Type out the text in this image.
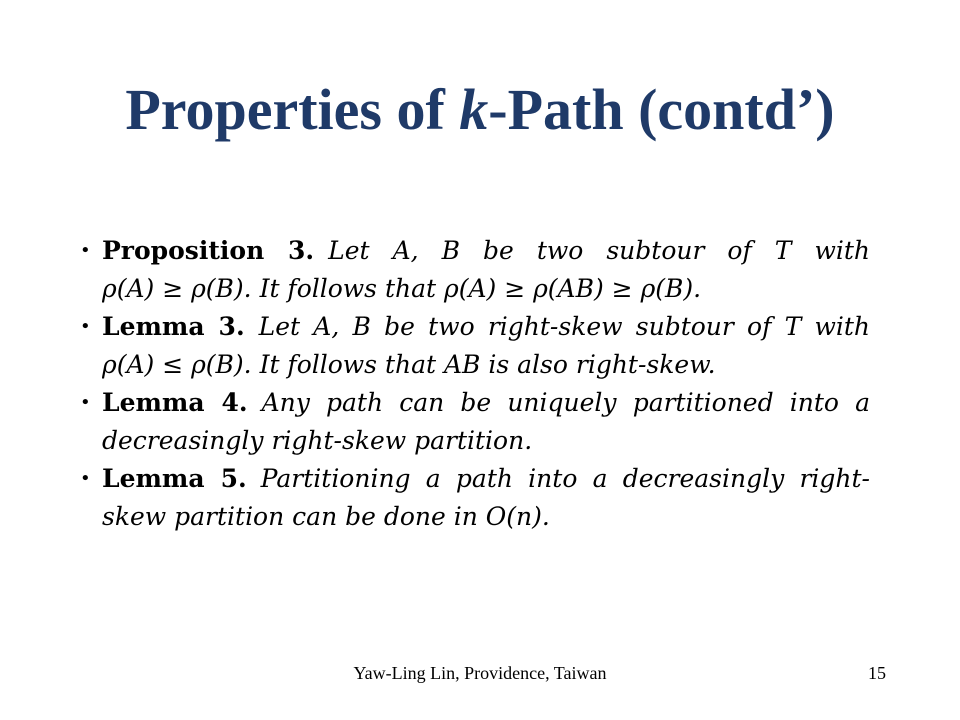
Properties of k-Path (contd’)
• Proposition 3. Let A, B be two subtour of T with
ρ(A) ≥ ρ(B). It follows that ρ(A) ≥ ρ(AB) ≥ ρ(B).
• Lemma 3. Let A, B be two right-skew subtour of T with
ρ(A) ≤ ρ(B). It follows that AB is also right-skew.
• Lemma 4. Any path can be uniquely partitioned into a
decreasingly right-skew partition.
• Lemma 5. Partitioning a path into a decreasingly right-
skew partition can be done in O(n).
Yaw-Ling Lin, Providence, Taiwan	15
